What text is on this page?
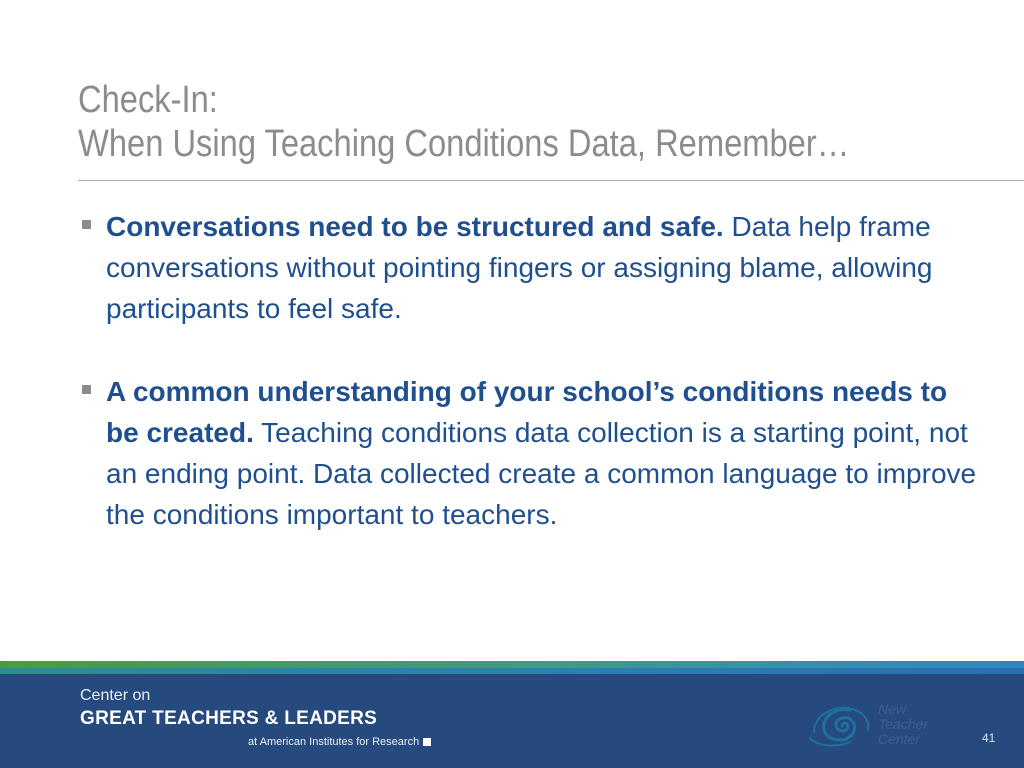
Check-In:
When Using Teaching Conditions Data, Remember…
Conversations need to be structured and safe. Data help frame conversations without pointing fingers or assigning blame, allowing participants to feel safe.
A common understanding of your school’s conditions needs to be created. Teaching conditions data collection is a starting point, not an ending point. Data collected create a common language to improve the conditions important to teachers.
Center on
GREAT TEACHERS & LEADERS
at American Institutes for Research
New
Teacher
Center	41
